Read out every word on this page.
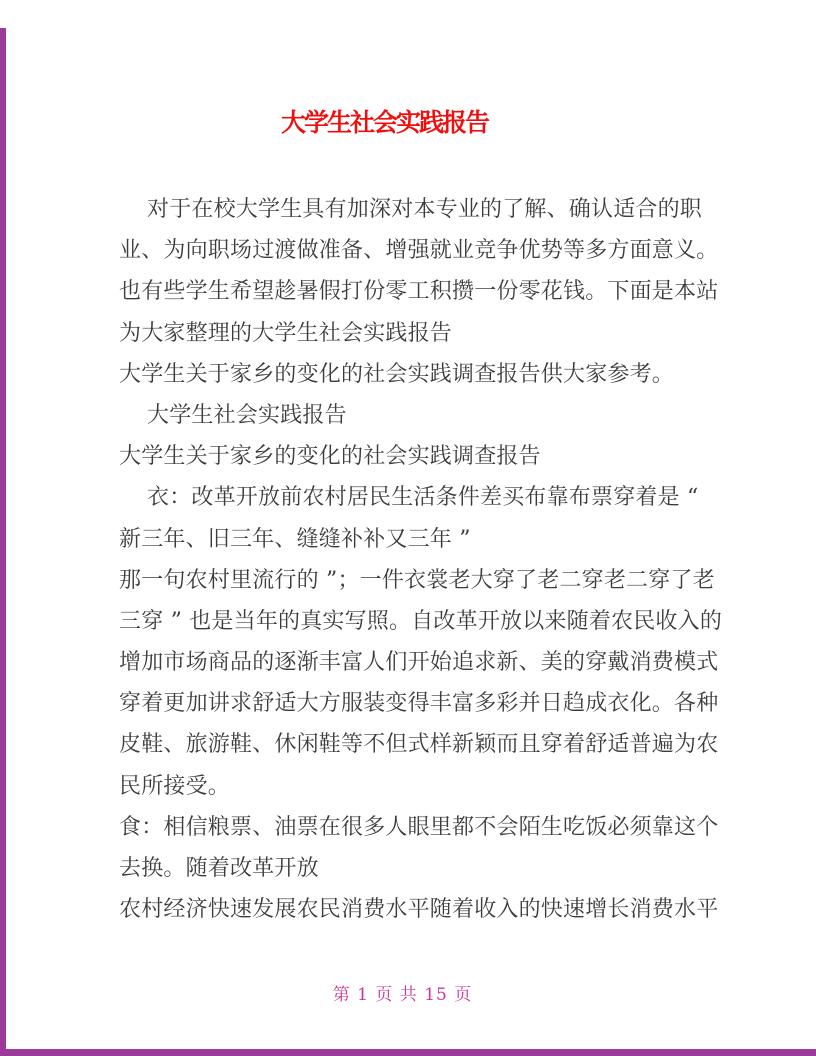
大学生社会实践报告
对于在校大学生具有加深对本专业的了解、确认适合的职
业、为向职场过渡做准备、增强就业竞争优势等多方面意义。
也有些学生希望趁暑假打份零工积攒一份零花钱。下面是本站
为大家整理的大学生社会实践报告
大学生关于家乡的变化的社会实践调查报告供大家参考。
大学生社会实践报告
大学生关于家乡的变化的社会实践调查报告
衣：改革开放前农村居民生活条件差买布靠布票穿着是 “
新三年、旧三年、缝缝补补又三年 ”
那一句农村里流行的 ”；一件衣裳老大穿了老二穿老二穿了老
三穿 ” 也是当年的真实写照。自改革开放以来随着农民收入的
增加市场商品的逐渐丰富人们开始追求新、美的穿戴消费模式
穿着更加讲求舒适大方服装变得丰富多彩并日趋成衣化。各种
皮鞋、旅游鞋、休闲鞋等不但式样新颖而且穿着舒适普遍为农
民所接受。
食：相信粮票、油票在很多人眼里都不会陌生吃饭必须靠这个
去换。随着改革开放
农村经济快速发展农民消费水平随着收入的快速增长消费水平
第 1 页 共 15 页
